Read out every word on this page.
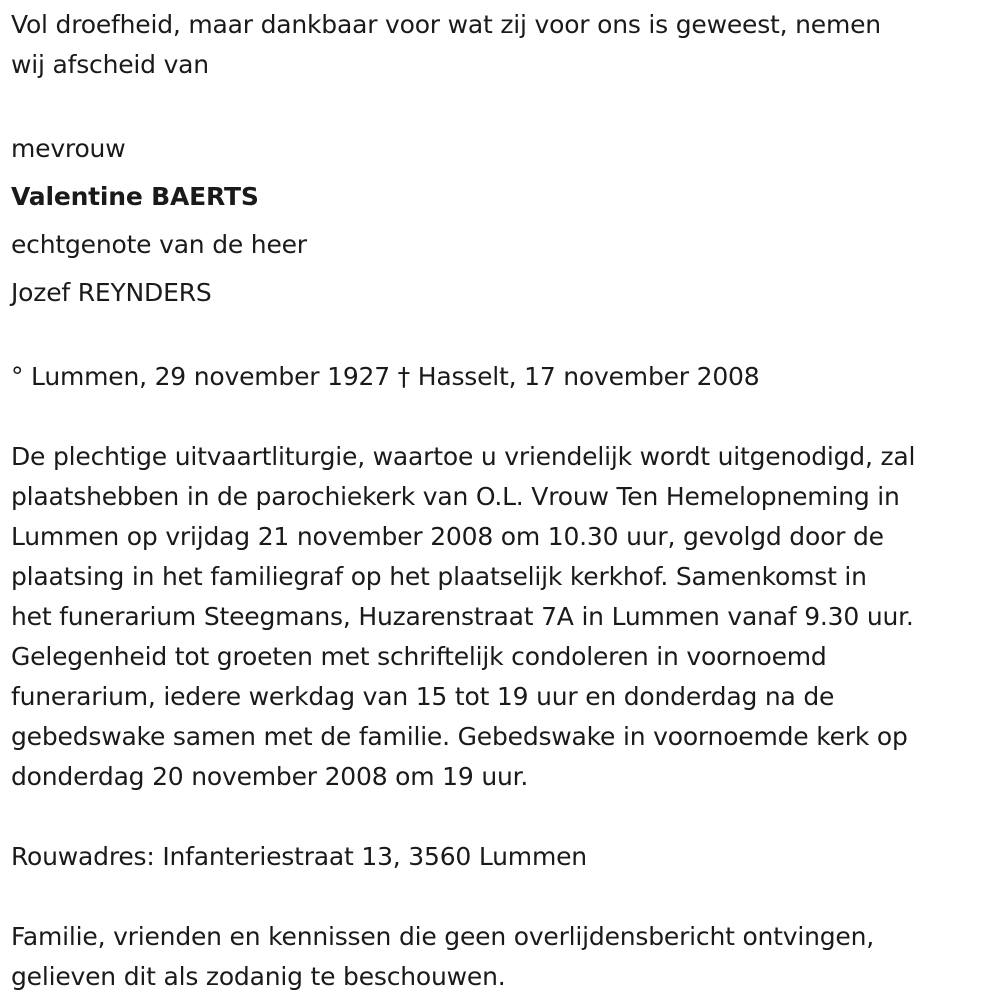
Vol droefheid, maar dankbaar voor wat zij voor ons is geweest, nemen
wij afscheid van
mevrouw
Valentine BAERTS
echtgenote van de heer
Jozef REYNDERS
° Lummen, 29 november 1927 † Hasselt, 17 november 2008
De plechtige uitvaartliturgie, waartoe u vriendelijk wordt uitgenodigd, zal
plaatshebben in de parochiekerk van O.L. Vrouw Ten Hemelopneming in
Lummen op vrijdag 21 november 2008 om 10.30 uur, gevolgd door de
plaatsing in het familiegraf op het plaatselijk kerkhof. Samenkomst in
het funerarium Steegmans, Huzarenstraat 7A in Lummen vanaf 9.30 uur.
Gelegenheid tot groeten met schriftelijk condoleren in voornoemd
funerarium, iedere werkdag van 15 tot 19 uur en donderdag na de
gebedswake samen met de familie. Gebedswake in voornoemde kerk op
donderdag 20 november 2008 om 19 uur.
Rouwadres: Infanteriestraat 13, 3560 Lummen
Familie, vrienden en kennissen die geen overlijdensbericht ontvingen,
gelieven dit als zodanig te beschouwen.
